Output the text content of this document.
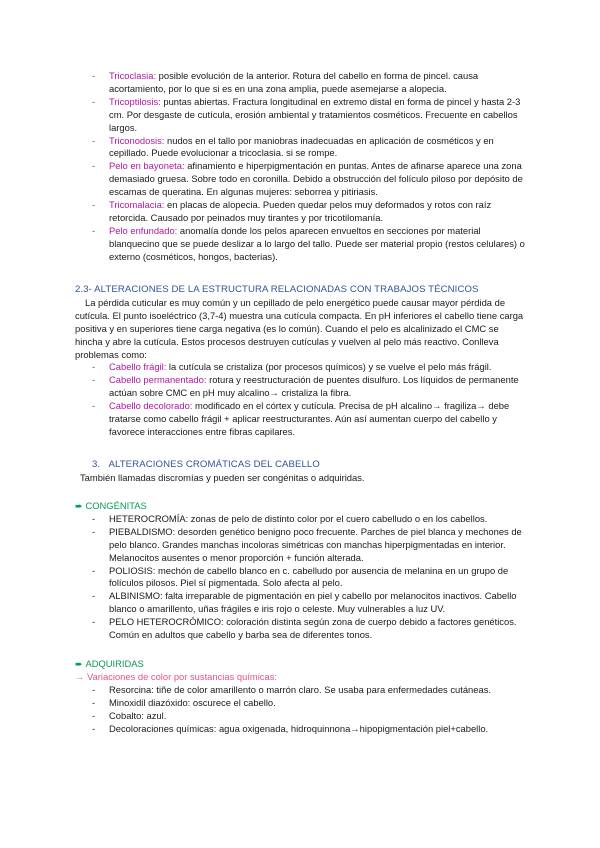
- Tricoclasia: posible evolución de la anterior. Rotura del cabello en forma de pincel. causa acortamiento, por lo que si es en una zona amplia, puede asemejarse a alopecia.
- Tricoptilosis: puntas abiertas. Fractura longitudinal en extremo distal en forma de pincel y hasta 2-3 cm. Por desgaste de cutícula, erosión ambiental y tratamientos cosméticos. Frecuente en cabellos largos.
- Triconodosis: nudos en el tallo por maniobras inadecuadas en aplicación de cosméticos y en cepillado. Puede evolucionar a tricoclasia. si se rompe.
- Pelo en bayoneta: afinamiento e hiperpigmentación en puntas. Antes de afinarse aparece una zona demasiado gruesa. Sobre todo en coronilla. Debido a obstrucción del folículo piloso por depósito de escamas de queratina. En algunas mujeres: seborrea y pitiriasis.
- Tricomalacia: en placas de alopecia. Pueden quedar pelos muy deformados y rotos con raíz retorcida. Causado por peinados muy tirantes y por tricotilomanía.
- Pelo enfundado: anomalía donde los pelos aparecen envueltos en secciones por material blanquecino que se puede deslizar a lo largo del tallo. Puede ser material propio (restos celulares) o externo (cosméticos, hongos, bacterias).
2.3- ALTERACIONES DE LA ESTRUCTURA RELACIONADAS CON TRABAJOS TÉCNICOS

La pérdida cuticular es muy común y un cepillado de pelo energético puede causar mayor pérdida de cutícula. El punto isoeléctrico (3,7-4) muestra una cutícula compacta. En pH inferiores el cabello tiene carga positiva y en superiores tiene carga negativa (es lo común). Cuando el pelo es alcalinizado el CMC se hincha y abre la cutícula. Estos procesos destruyen cutículas y vuelven al pelo más reactivo. Conlleva problemas como:

- Cabello frágil: la cutícula se cristaliza (por procesos químicos) y se vuelve el pelo más frágil.
- Cabello permanentado: rotura y reestructuración de puentes disulfuro. Los líquidos de permanente actúan sobre CMC en pH muy alcalino→ cristaliza la fibra.
- Cabello decolorado: modificado en el córtex y cutícula. Precisa de pH alcalino→ fragiliza→ debe tratarse como cabello frágil + aplicar reestructurantes. Aún así aumentan cuerpo del cabello y favorece interacciones entre fibras capilares.
3. ALTERACIONES CROMÁTICAS DEL CABELLO
También llamadas discromías y pueden ser congénitas o adquiridas.
➨ CONGÉNITAS
- HETEROCROMÍA: zonas de pelo de distinto color por el cuero cabelludo o en los cabellos.
- PIEBALDISMO: desorden genético benigno poco frecuente. Parches de piel blanca y mechones de pelo blanco. Grandes manchas incoloras simétricas con manchas hiperpigmentadas en interior. Melanocitos ausentes o menor proporción + función alterada.
- POLIOSIS: mechón de cabello blanco en c. cabelludo por ausencia de melanina en un grupo de folículos pilosos. Piel sí pigmentada. Solo afecta al pelo.
- ALBINISMO: falta irreparable de pigmentación en piel y cabello por melanocitos inactivos. Cabello blanco o amarillento, uñas frágiles e iris rojo o celeste. Muy vulnerables a luz UV.
- PELO HETEROCRÓMICO: coloración distinta según zona de cuerpo debido a factores genéticos. Común en adultos que cabello y barba sea de diferentes tonos.
➨ ADQUIRIDAS
→ Variaciones de color por sustancias químicas:
- Resorcina: tiñe de color amarillento o marrón claro. Se usaba para enfermedades cutáneas.
- Minoxidil diazóxido: oscurece el cabello.
- Cobalto: azul.
- Decoloraciones químicas: agua oxigenada, hidroquinnona→hipopigmentación piel+cabello.
